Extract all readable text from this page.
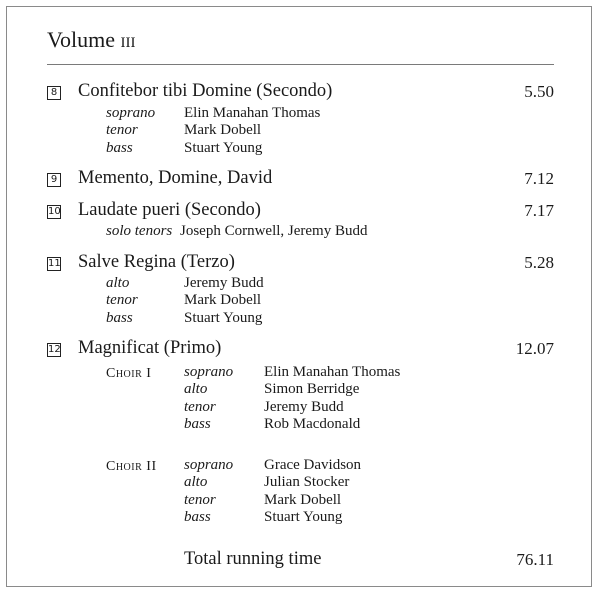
Volume iii
8 Confitebor tibi Domine (Secondo)	5.50
soprano Elin Manahan Thomas
tenor	Mark Dobell
bass	Stuart Young
9 Memento, Domine, David	7.12
10 Laudate pueri (Secondo)	7.17
solo tenors Joseph Cornwell, Jeremy Budd
11 Salve Regina (Terzo)	5.28
alto	Jeremy Budd
tenor	Mark Dobell
bass	Stuart Young
12 Magnificat (Primo)	12.07
Choir I soprano Elin Manahan Thomas
alto	Simon Berridge
tenor	Jeremy Budd
bass	Rob Macdonald
Choir II soprano Grace Davidson
alto	Julian Stocker
tenor	Mark Dobell
bass	Stuart Young
Total running time	76.11
